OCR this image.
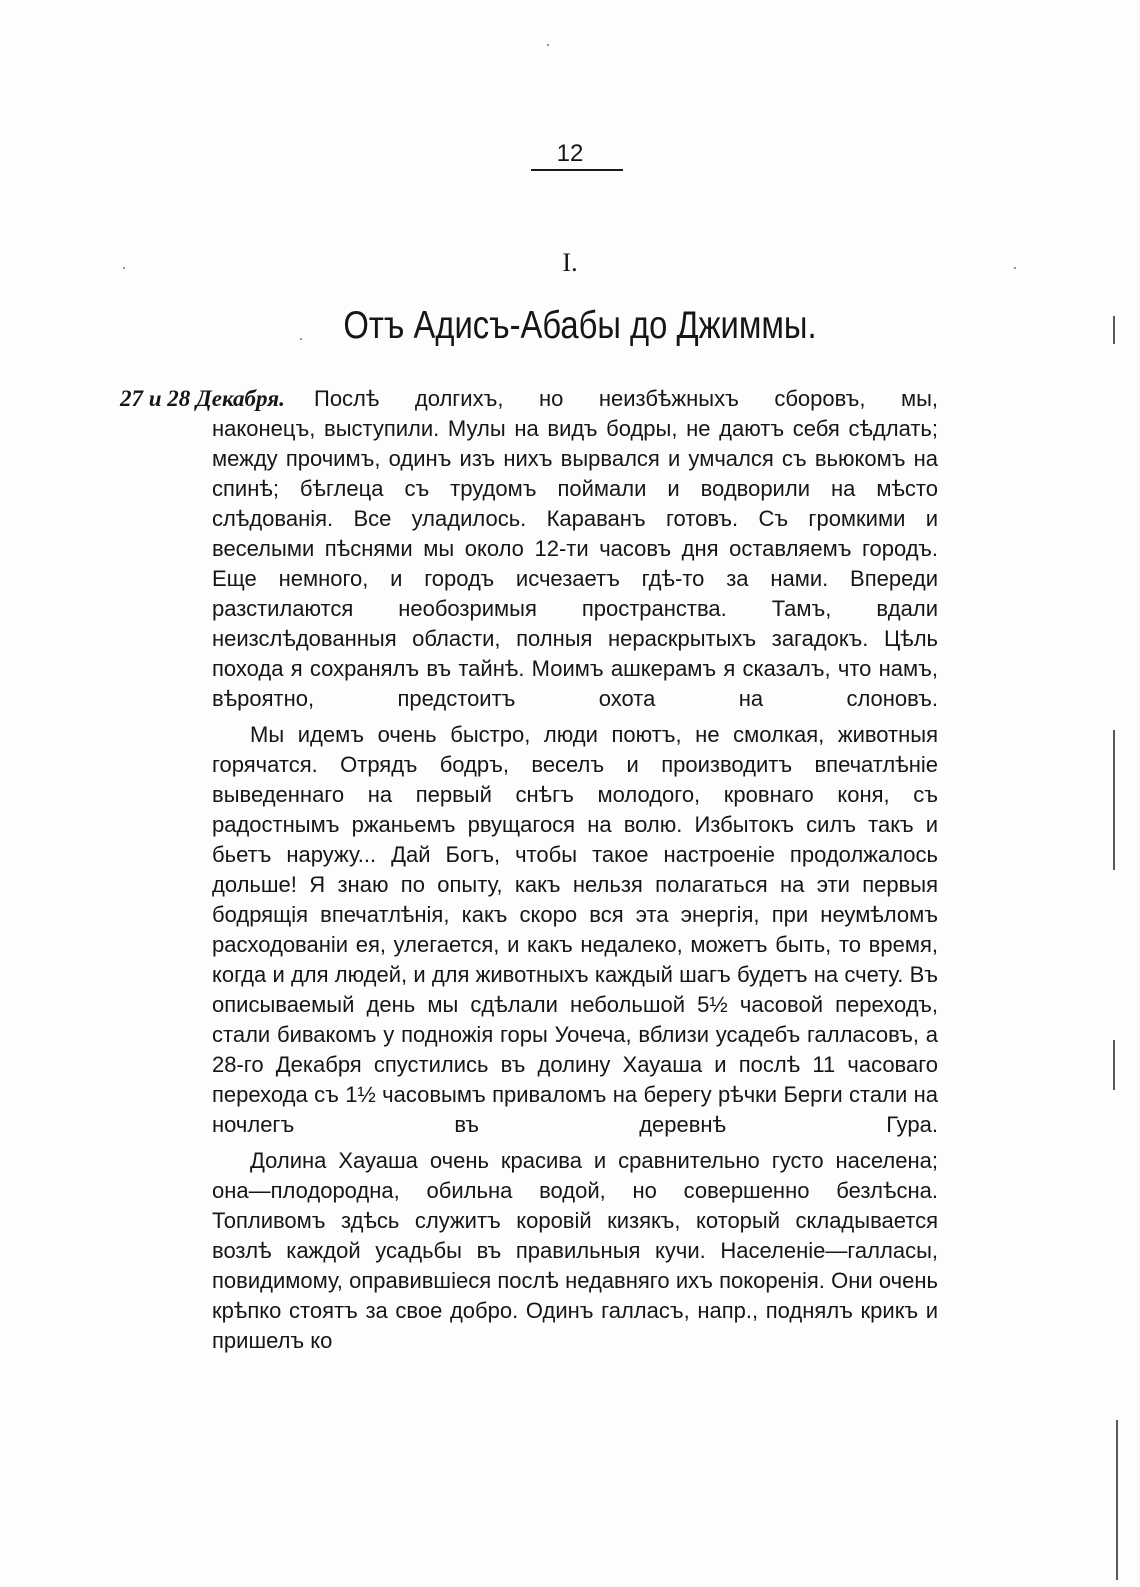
12
I.
Отъ Адисъ-Абабы до Джиммы.
27 и 28 Декабря. Послѣ долгихъ, но неизбѣжныхъ сборовъ, мы,

наконецъ, выступили. Мулы на видъ бодры, не даютъ себя сѣдлать; между прочимъ, одинъ изъ нихъ вырвался и умчался съ вьюкомъ на спинѣ; бѣглеца съ трудомъ поймали и водворили на мѣсто слѣдованія. Все уладилось. Караванъ готовъ. Съ громкими и веселыми пѣснями мы около 12-ти часовъ дня оставляемъ городъ. Еще немного, и городъ исчезаетъ гдѣ-то за нами. Впереди разстилаются необозримыя пространства. Тамъ, вдали неизслѣдованныя области, полныя нераскрытыхъ загадокъ. Цѣль похода я сохранялъ въ тайнѣ. Моимъ ашкерамъ я сказалъ, что намъ, вѣроятно, предстоитъ охота на слоновъ.

Мы идемъ очень быстро, люди поютъ, не смолкая, животныя горячатся. Отрядъ бодръ, веселъ и производитъ впечатлѣніе выведеннаго на первый снѣгъ молодого, кровнаго коня, съ радостнымъ ржаньемъ рвущагося на волю. Избытокъ силъ такъ и бьетъ наружу... Дай Богъ, чтобы такое настроеніе продолжалось дольше! Я знаю по опыту, какъ нельзя полагаться на эти первыя бодрящія впечатлѣнія, какъ скоро вся эта энергія, при неумѣломъ расходованіи ея, улегается, и какъ недалеко, можетъ быть, то время, когда и для людей, и для животныхъ каждый шагъ будетъ на счету. Въ описываемый день мы сдѣлали небольшой 5½ часовой переходъ, стали бивакомъ у подножія горы Уочеча, вблизи усадебъ галласовъ, а 28-го Декабря спустились въ долину Хауаша и послѣ 11 часоваго перехода съ 1½ часовымъ приваломъ на берегу рѣчки Берги стали на ночлегъ въ деревнѣ Гура.

Долина Хауаша очень красива и сравнительно густо населена; она—плодородна, обильна водой, но совершенно безлѣсна. Топливомъ здѣсь служитъ коровій кизякъ, который складывается возлѣ каждой усадьбы въ правильныя кучи. Населеніе—галласы, повидимому, оправившіеся послѣ недавняго ихъ покоренія. Они очень крѣпко стоятъ за свое добро. Одинъ галласъ, напр., поднялъ крикъ и пришелъ ко
